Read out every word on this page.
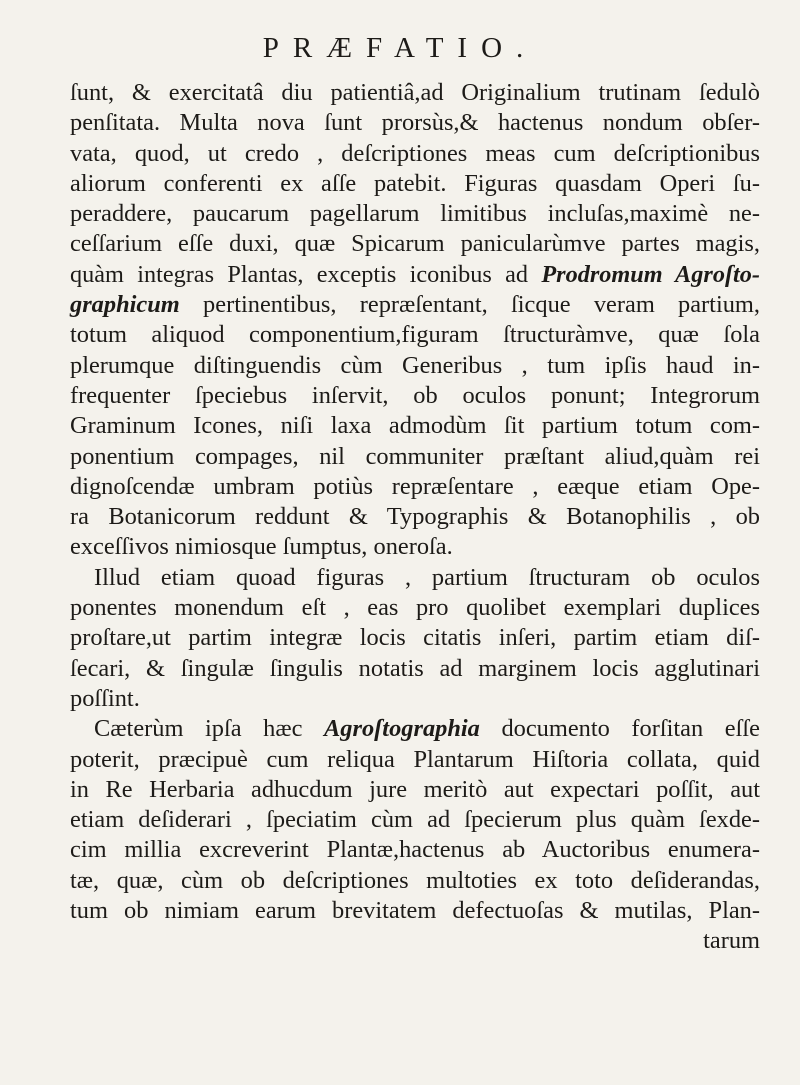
PRÆFATIO.
ſunt, & exercitatâ diu patientiâ,ad Originalium trutinam ſedulò
penſitata. Multa nova ſunt prorsùs,& hactenus nondum obſer-
vata, quod, ut credo , deſcriptiones meas cum deſcriptionibus
aliorum conferenti ex aſſe patebit. Figuras quasdam Operi ſu-
peraddere, paucarum pagellarum limitibus incluſas,maximè ne-
ceſſarium eſſe duxi, quæ Spicarum panicularùmve partes magis,
quàm integras Plantas, exceptis iconibus ad Prodromum Agroſto-
graphicum pertinentibus, repræſentant, ſicque veram partium,
totum aliquod componentium,figuram ſtructuràmve, quæ ſola
plerumque diſtinguendis cùm Generibus , tum ipſis haud in-
frequenter ſpeciebus inſervit, ob oculos ponunt; Integrorum
Graminum Icones, niſi laxa admodùm ſit partium totum com-
ponentium compages, nil communiter præſtant aliud,quàm rei
dignoſcendæ umbram potiùs repræſentare , eæque etiam Ope-
ra Botanicorum reddunt & Typographis & Botanophilis , ob
exceſſivos nimiosque ſumptus, oneroſa.
Illud etiam quoad figuras , partium ſtructuram ob oculos
ponentes monendum eſt , eas pro quolibet exemplari duplices
proſtare,ut partim integræ locis citatis inſeri, partim etiam diſ-
ſecari, & ſingulæ ſingulis notatis ad marginem locis agglutinari
poſſint.
Cæterùm ipſa hæc Agroſtographia documento forſitan eſſe
poterit, præcipuè cum reliqua Plantarum Hiſtoria collata, quid
in Re Herbaria adhucdum jure meritò aut expectari poſſit, aut
etiam deſiderari , ſpeciatim cùm ad ſpecierum plus quàm ſexde-
cim millia excreverint Plantæ,hactenus ab Auctoribus enumera-
tæ, quæ, cùm ob deſcriptiones multoties ex toto deſiderandas,
tum ob nimiam earum brevitatem defectuoſas & mutilas, Plan-
tarum
